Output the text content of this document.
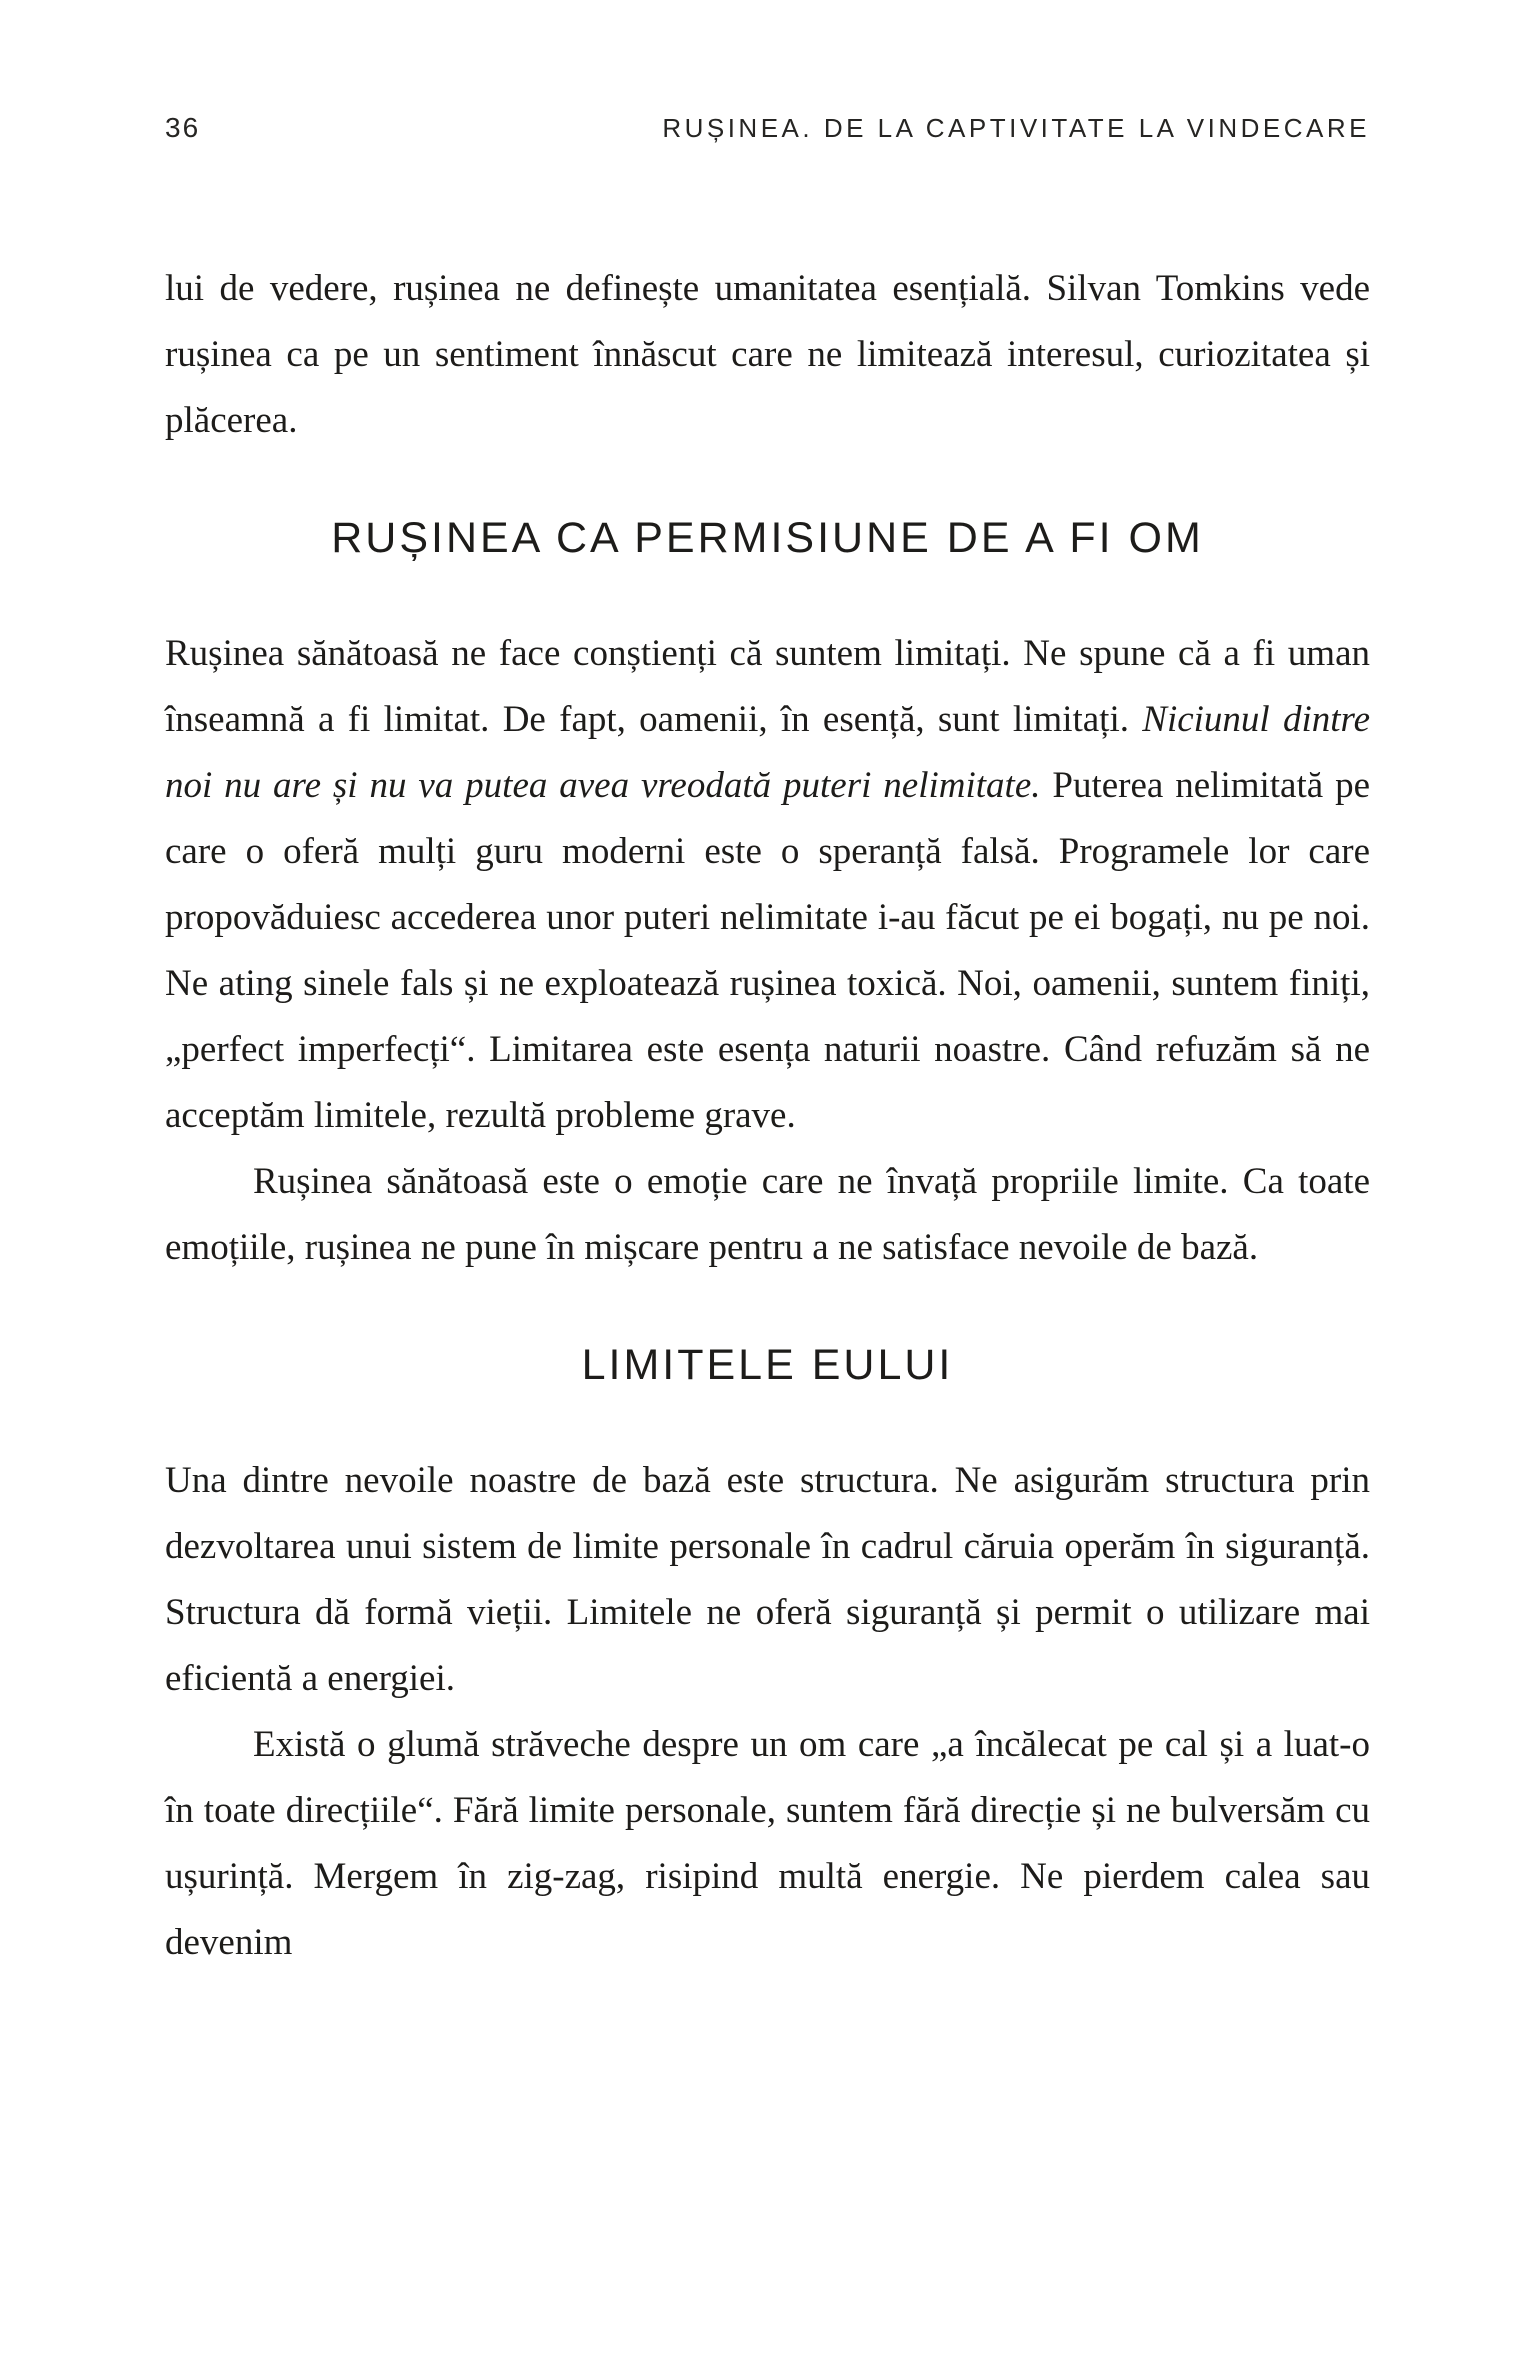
36	RUȘINEA. DE LA CAPTIVITATE LA VINDECARE

lui de vedere, rușinea ne definește umanitatea esențială. Silvan Tomkins vede rușinea ca pe un sentiment înnăscut care ne limitează interesul, curiozitatea și plăcerea.

RUȘINEA CA PERMISIUNE DE A FI OM

Rușinea sănătoasă ne face conștienți că suntem limitați. Ne spune că a fi uman înseamnă a fi limitat. De fapt, oamenii, în esență, sunt limitați. Niciunul dintre noi nu are și nu va putea avea vreodată puteri nelimitate. Puterea nelimitată pe care o oferă mulți guru moderni este o speranță falsă. Programele lor care propovăduiesc accederea unor puteri nelimitate i-au făcut pe ei bogați, nu pe noi. Ne ating sinele fals și ne exploatează rușinea toxică. Noi, oamenii, suntem finiți, „perfect imperfecți“. Limitarea este esența naturii noastre. Când refuzăm să ne acceptăm limitele, rezultă probleme grave.

Rușinea sănătoasă este o emoție care ne învață propriile limite. Ca toate emoțiile, rușinea ne pune în mișcare pentru a ne satisface nevoile de bază.

LIMITELE EULUI

Una dintre nevoile noastre de bază este structura. Ne asigurăm structura prin dezvoltarea unui sistem de limite personale în cadrul căruia operăm în siguranță. Structura dă formă vieții. Limitele ne oferă siguranță și permit o utilizare mai eficientă a energiei.

Există o glumă străveche despre un om care „a încălecat pe cal și a luat-o în toate direcțiile“. Fără limite personale, suntem fără direcție și ne bulversăm cu ușurință. Mergem în zig-zag, risipind multă energie. Ne pierdem calea sau devenim
